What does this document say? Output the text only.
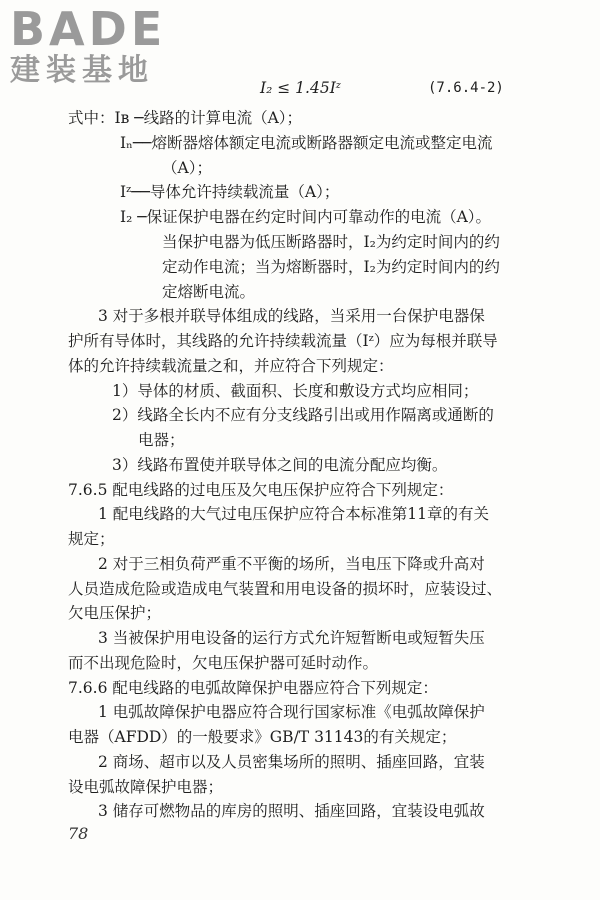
BADE
建装基地	I₂ ≤ 1.45Iᶻ	(7.6.4-2)
式中：Iʙ ─线路的计算电流（A）；
Iₙ──熔断器熔体额定电流或断路器额定电流或整定电流
（A）；
Iᶻ──导体允许持续载流量（A）；
I₂ ─保证保护电器在约定时间内可靠动作的电流（A）。
当保护电器为低压断路器时，I₂为约定时间内的约
定动作电流；当为熔断器时，I₂为约定时间内的约
定熔断电流。
3 对于多根并联导体组成的线路，当采用一台保护电器保
护所有导体时，其线路的允许持续载流量（Iᶻ）应为每根并联导
体的允许持续载流量之和，并应符合下列规定：
1）导体的材质、截面积、长度和敷设方式均应相同；
2）线路全长内不应有分支线路引出或用作隔离或通断的
电器；
3）线路布置使并联导体之间的电流分配应均衡。
7.6.5 配电线路的过电压及欠电压保护应符合下列规定：
1 配电线路的大气过电压保护应符合本标准第11章的有关
规定；
2 对于三相负荷严重不平衡的场所，当电压下降或升高对
人员造成危险或造成电气装置和用电设备的损坏时，应装设过、
欠电压保护；
3 当被保护用电设备的运行方式允许短暂断电或短暂失压
而不出现危险时，欠电压保护器可延时动作。
7.6.6 配电线路的电弧故障保护电器应符合下列规定：
1 电弧故障保护电器应符合现行国家标准《电弧故障保护
电器（AFDD）的一般要求》GB/T 31143的有关规定；
2 商场、超市以及人员密集场所的照明、插座回路，宜装
设电弧故障保护电器；
3 储存可燃物品的库房的照明、插座回路，宜装设电弧故
78
